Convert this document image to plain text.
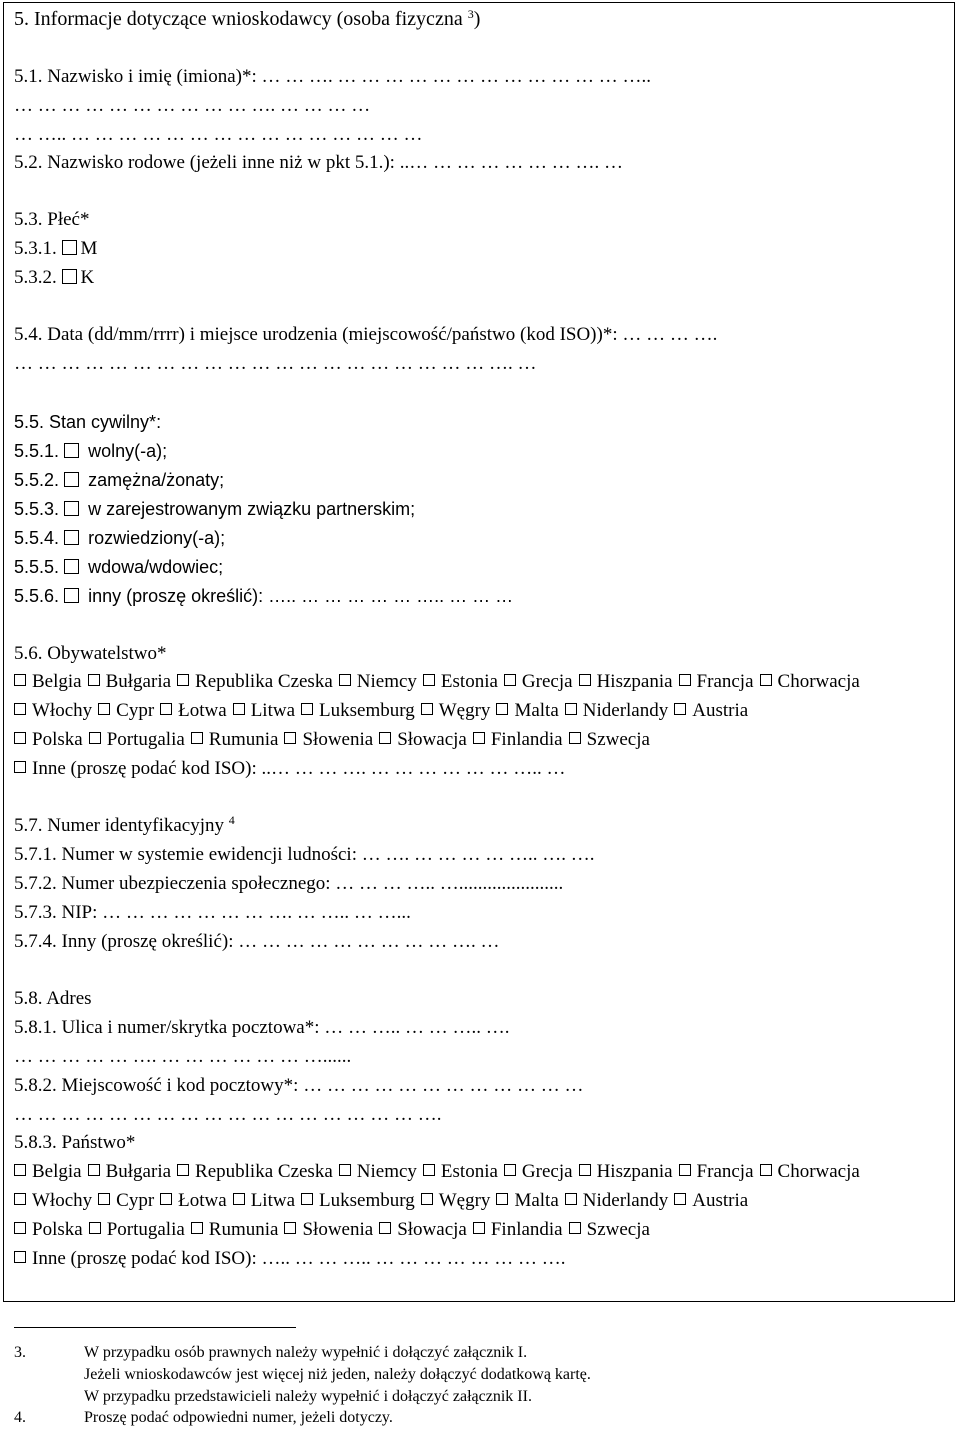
5. Informacje dotyczące wnioskodawcy (osoba fizyczna $^3$)
5.1. Nazwisko i imię (imiona)*: … … …. … … … … … … … … … … … … …..
… … … … … … … … … … …. … … … …
… ….. … … … … … … … … … … … … … … …
5.2. Nazwisko rodowe (jeżeli inne niż w pkt 5.1.): ..… … … … … … … …. …
5.3. Płeć*
5.3.1. M
5.3.2. K
5.4. Data (dd/mm/rrrr) i miejsce urodzenia (miejscowość/państwo (kod ISO))*: … … … ….
… … … … … … … … … … … … … … … … … … … … …. …
5.5. Stan cywilny*:
5.5.1. wolny(-a);
5.5.2. zamężna/żonaty;
5.5.3. w zarejestrowanym związku partnerskim;
5.5.4. rozwiedziony(-a);
5.5.5. wdowa/wdowiec;
5.5.6. inny (proszę określić): ….. … … … … … ….. … … …
5.6. Obywatelstwo*
Belgia Bułgaria Republika Czeska Niemcy Estonia Grecja Hiszpania Francja Chorwacja
Włochy Cypr Łotwa Litwa Luksemburg Węgry Malta Niderlandy Austria
Polska Portugalia Rumunia Słowenia Słowacja Finlandia Szwecja
Inne (proszę podać kod ISO): ..… … … …. … … … … … … ….. …
5.7. Numer identyfikacyjny $^4$
5.7.1. Numer w systemie ewidencji ludności: … …. … … … … ….. …. ….
5.7.2. Numer ubezpieczenia społecznego: … … … ….. …......................
5.7.3. NIP: … … … … … … … …. … ….. … …...
5.7.4. Inny (proszę określić): … … … … … … … … … …. …
5.8. Adres
5.8.1. Ulica i numer/skrytka pocztowa*: … … ….. … … ….. ….
… … … … … …. … … … … … … …......
5.8.2. Miejscowość i kod pocztowy*: … … … … … … … … … … … …
… … … … … … … … … … … … … … … … … ….
5.8.3. Państwo*
Belgia Bułgaria Republika Czeska Niemcy Estonia Grecja Hiszpania Francja Chorwacja
Włochy Cypr Łotwa Litwa Luksemburg Węgry Malta Niderlandy Austria
Polska Portugalia Rumunia Słowenia Słowacja Finlandia Szwecja
Inne (proszę podać kod ISO): ….. … … ….. … … … … … … … ….
3.	W przypadku osób prawnych należy wypełnić i dołączyć załącznik I.
Jeżeli wnioskodawców jest więcej niż jeden, należy dołączyć dodatkową kartę.
W przypadku przedstawicieli należy wypełnić i dołączyć załącznik II.
4.	Proszę podać odpowiedni numer, jeżeli dotyczy.
